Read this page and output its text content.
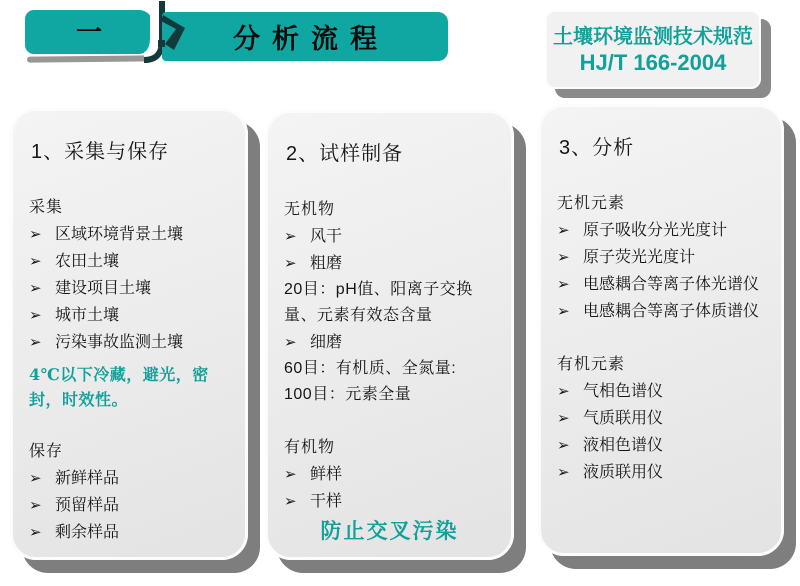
一	分析流程	土壤环境监测技术规范
HJ/T 166-2004
1、采集与保存
采集
➢ 区域环境背景土壤
➢ 农田土壤
➢ 建设项目土壤
➢ 城市土壤
➢ 污染事故监测土壤
4℃以下冷藏，避光，密封，时效性。
保存
➢ 新鲜样品
➢ 预留样品
➢ 剩余样品
2、试样制备
无机物
➢ 风干
➢ 粗磨
20目：pH值、阳离子交换量、元素有效态含量
➢ 细磨
60目：有机质、全氮量:
100目：元素全量
有机物
➢ 鲜样
➢ 干样
防止交叉污染
3、分析
无机元素
➢ 原子吸收分光光度计
➢ 原子荧光光度计
➢ 电感耦合等离子体光谱仪
➢ 电感耦合等离子体质谱仪
有机元素
➢ 气相色谱仪
➢ 气质联用仪
➢ 液相色谱仪
➢ 液质联用仪
